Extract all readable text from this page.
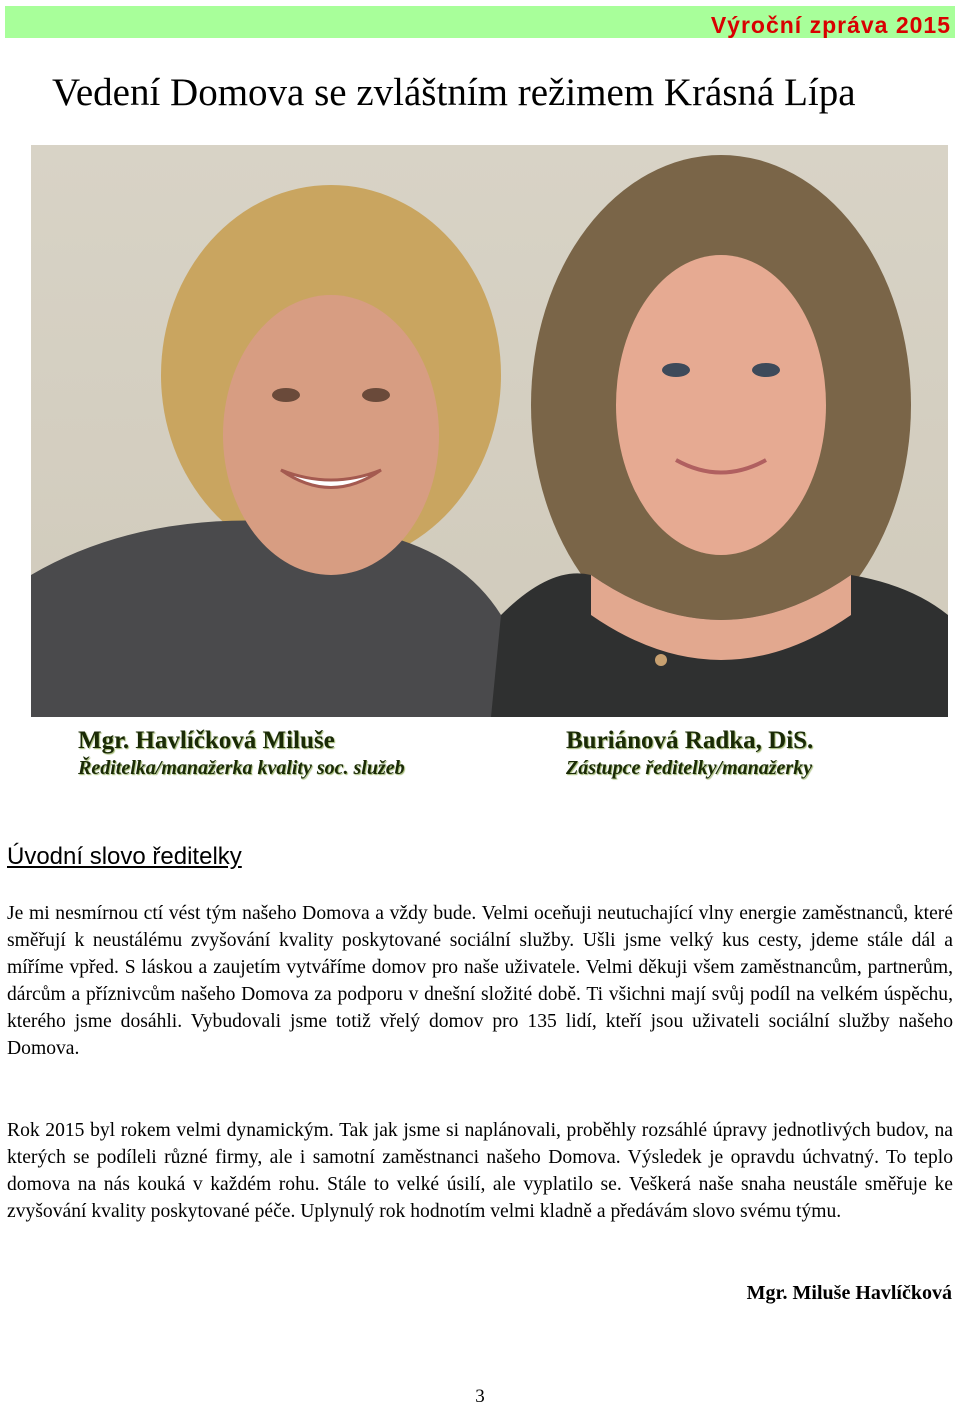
Výroční zpráva 2015
Vedení Domova se zvláštním režimem Krásná Lípa
Mgr. Havlíčková Miluše
Ředitelka/manažerka kvality soc. služeb
Buriánová Radka, DiS.
Zástupce ředitelky/manažerky
Úvodní slovo ředitelky

Je mi nesmírnou ctí vést tým našeho Domova a vždy bude. Velmi oceňuji neutuchající vlny energie zaměstnanců, které směřují k neustálému zvyšování kvality poskytované sociální služby. Ušli jsme velký kus cesty, jdeme stále dál a míříme vpřed. S láskou a zaujetím vytváříme domov pro naše uživatele. Velmi děkuji všem zaměstnancům, partnerům, dárcům a příznivcům našeho Domova za podporu v dnešní složité době. Ti všichni mají svůj podíl na velkém úspěchu, kterého jsme dosáhli. Vybudovali jsme totiž vřelý domov pro 135 lidí, kteří jsou uživateli sociální služby našeho Domova.

Rok 2015 byl rokem velmi dynamickým. Tak jak jsme si naplánovali, proběhly rozsáhlé úpravy jednotlivých budov, na kterých se podíleli různé firmy, ale i samotní zaměstnanci našeho Domova. Výsledek je opravdu úchvatný. To teplo domova na nás kouká v každém rohu. Stále to velké úsilí, ale vyplatilo se. Veškerá naše snaha neustále směřuje ke zvyšování kvality poskytované péče. Uplynulý rok hodnotím velmi kladně a předávám slovo svému týmu.

Mgr. Miluše Havlíčková
3
